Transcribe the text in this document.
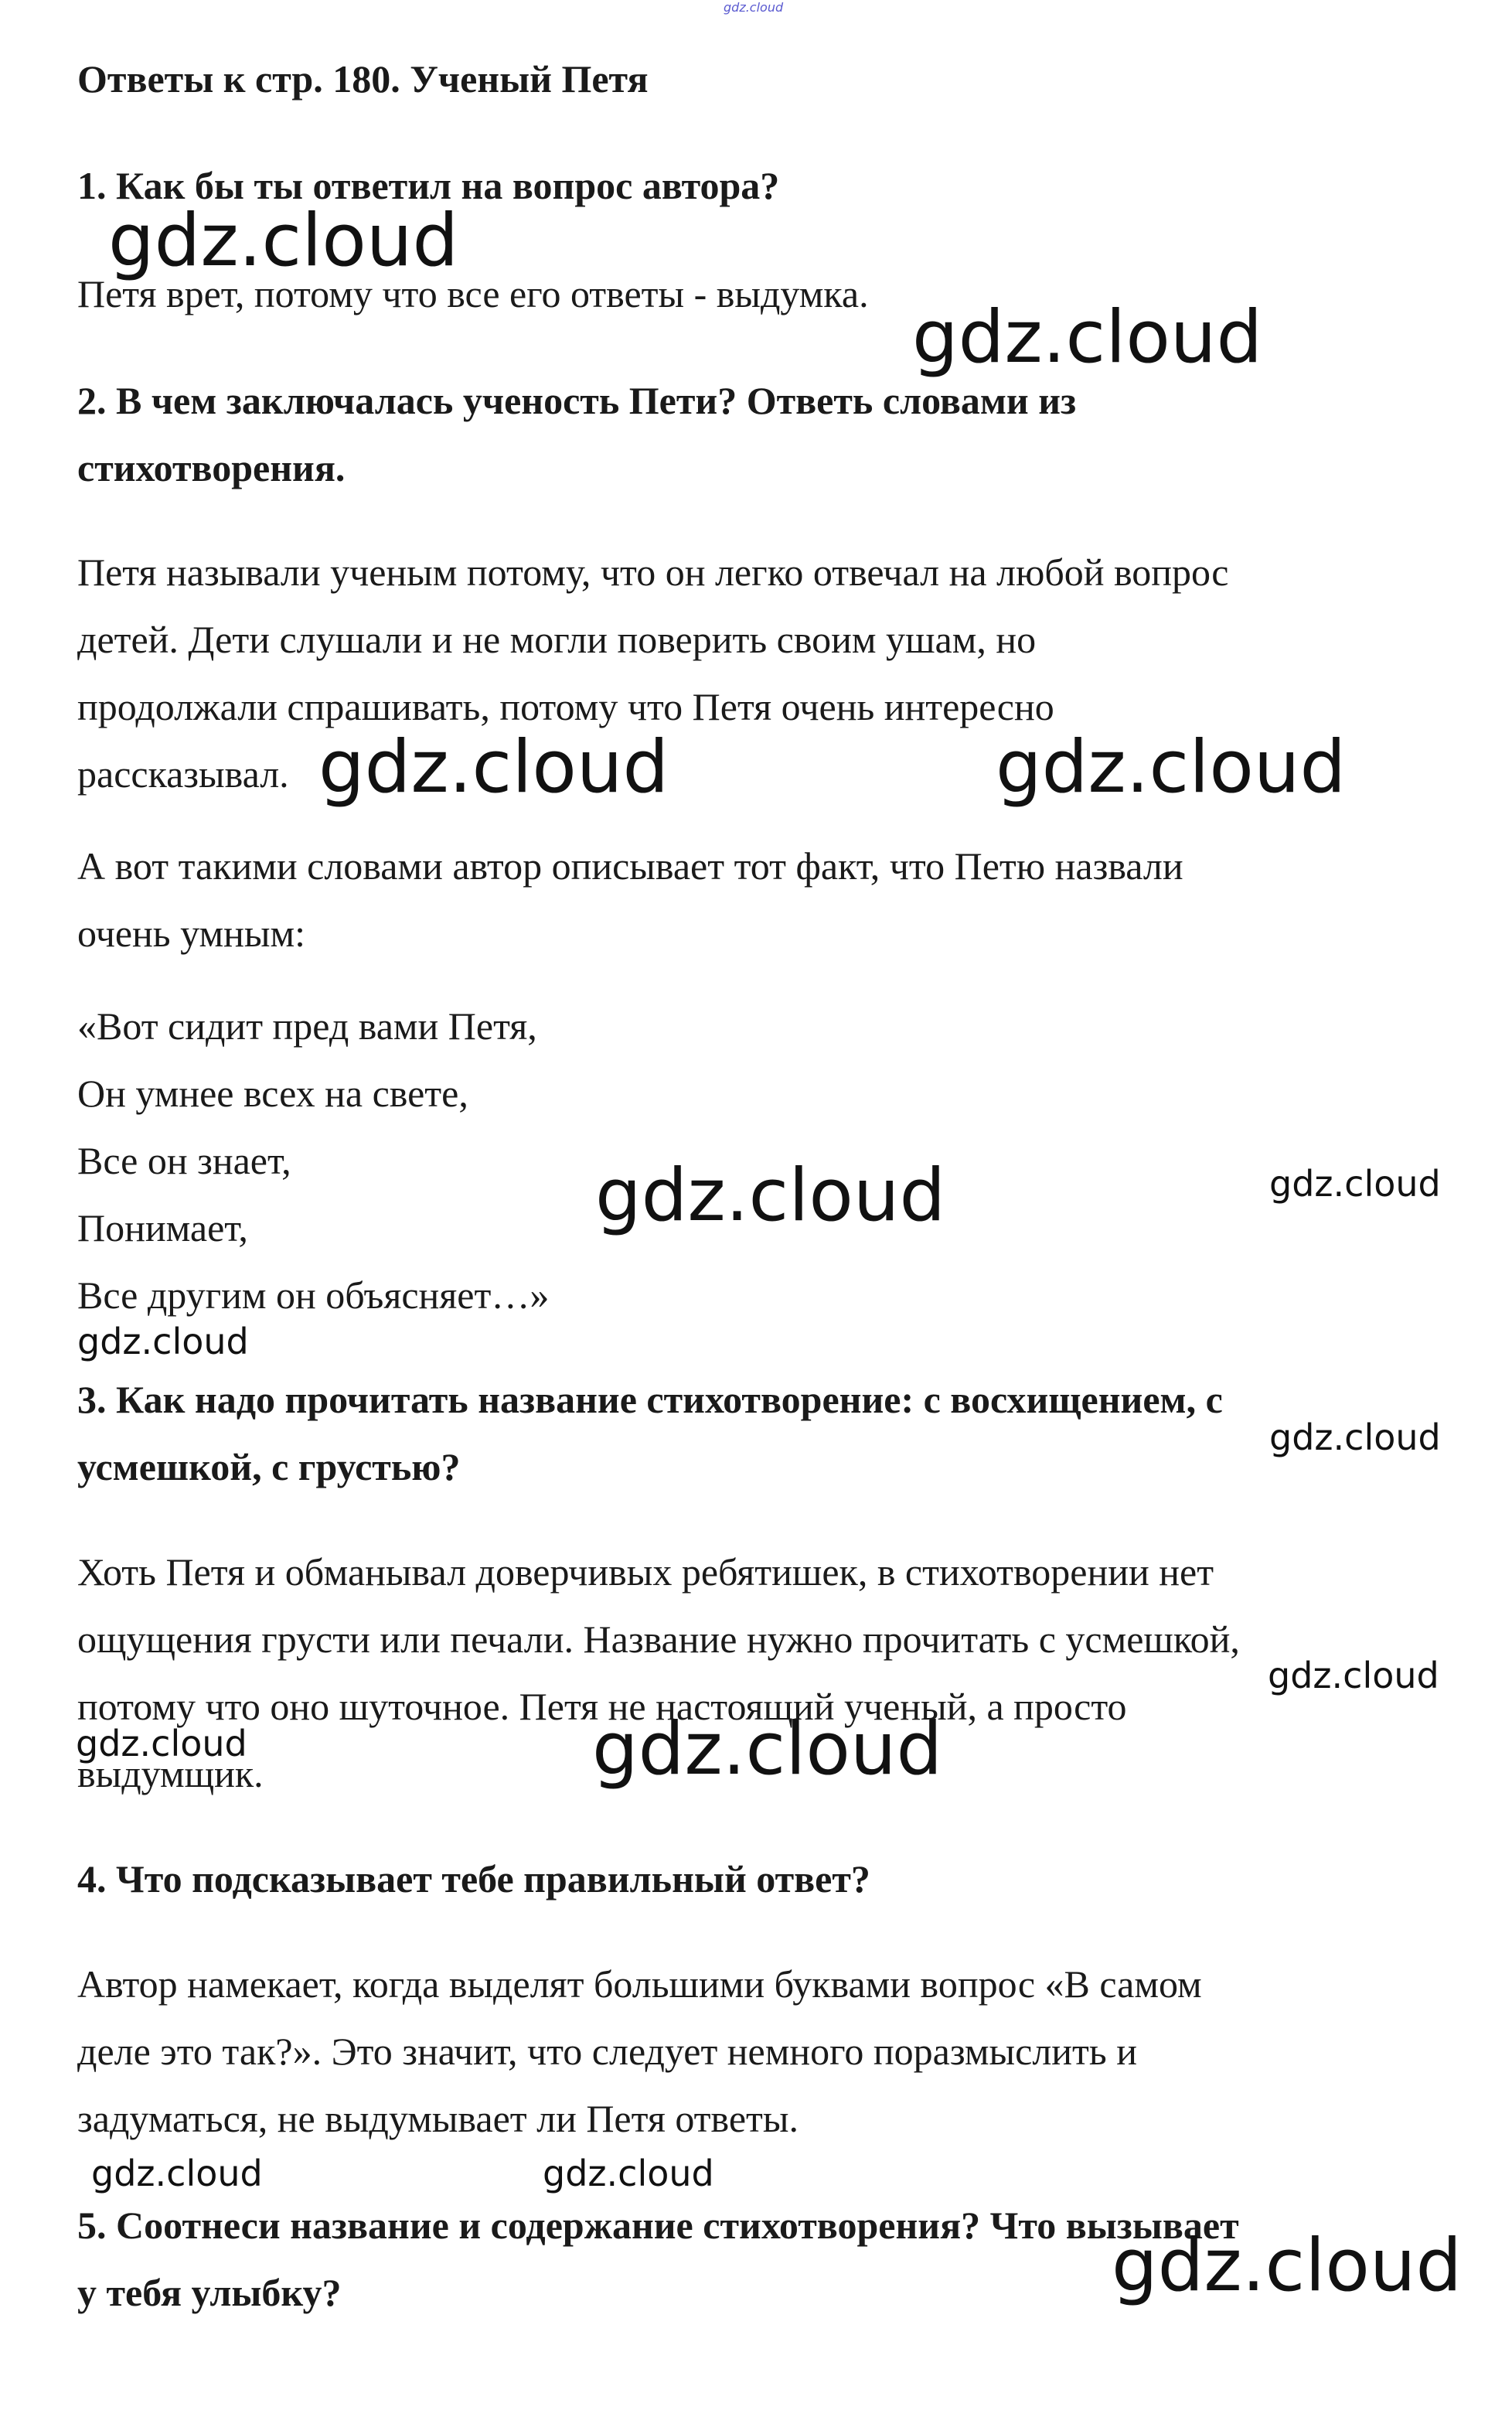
gdz.cloud
Ответы к стр. 180. Ученый Петя
1. Как бы ты ответил на вопрос автора?
Петя врет, потому что все его ответы - выдумка.
2. В чем заключалась ученость Пети? Ответь словами из
стихотворения.
Петя называли ученым потому, что он легко отвечал на любой вопрос
детей. Дети слушали и не могли поверить своим ушам, но
продолжали спрашивать, потому что Петя очень интересно
рассказывал.
А вот такими словами автор описывает тот факт, что Петю назвали
очень умным:
«Вот сидит пред вами Петя,
Он умнее всех на свете,
Все он знает,
Понимает,
Все другим он объясняет…»
3. Как надо прочитать название стихотворение: с восхищением, с
усмешкой, с грустью?
Хоть Петя и обманывал доверчивых ребятишек, в стихотворении нет
ощущения грусти или печали. Название нужно прочитать с усмешкой,
потому что оно шуточное. Петя не настоящий ученый, а просто
выдумщик.
4. Что подсказывает тебе правильный ответ?
Автор намекает, когда выделят большими буквами вопрос «В самом
деле это так?». Это значит, что следует немного поразмыслить и
задуматься, не выдумывает ли Петя ответы.
5. Соотнеси название и содержание стихотворения? Что вызывает
у тебя улыбку?
gdz.cloud
gdz.cloud
gdz.cloud	gdz.cloud
gdz.cloud	gdz.cloud
gdz.cloud
gdz.cloud
gdz.cloud
gdz.cloud	gdz.cloud
gdz.cloud	gdz.cloud
gdz.cloud
